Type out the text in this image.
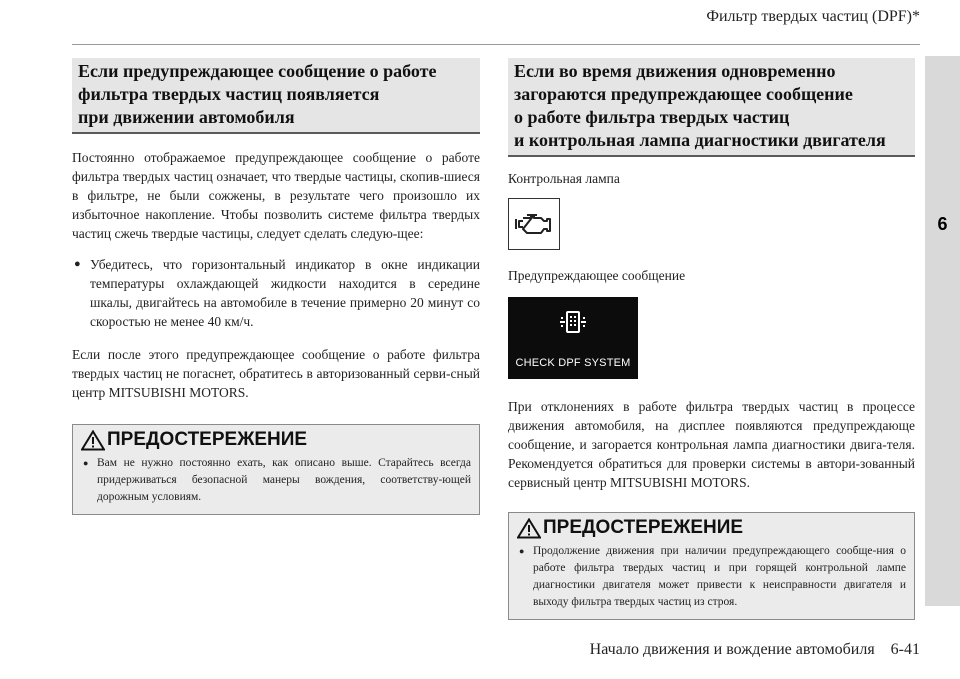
Фильтр твердых частиц (DPF)*
6
Если предупреждающее сообщение о работе
фильтра твердых частиц появляется
при движении автомобиля

Постоянно отображаемое предупреждающее сообщение о работе фильтра твердых частиц означает, что твердые частицы, скопив-шиеся в фильтре, не были сожжены, в результате чего произошло их избыточное накопление. Чтобы позволить системе фильтра твердых частиц сжечь твердые частицы, следует сделать следую-щее:

● Убедитесь, что горизонтальный индикатор в окне индикации температуры охлаждающей жидкости находится в середине шкалы, двигайтесь на автомобиле в течение примерно 20 минут со скоростью не менее 40 км/ч.

Если после этого предупреждающее сообщение о работе фильтра твердых частиц не погаснет, обратитесь в авторизованный серви-сный центр MITSUBISHI MOTORS.

ПРЕДОСТЕРЕЖЕНИЕ
● Вам не нужно постоянно ехать, как описано выше. Старайтесь всегда придерживаться безопасной манеры вождения, соответству-ющей дорожным условиям.
Если во время движения одновременно
загораются предупреждающее сообщение
о работе фильтра твердых частиц
и контрольная лампа диагностики двигателя
Контрольная лампа
Предупреждающее сообщение
CHECK DPF SYSTEM

При отклонениях в работе фильтра твердых частиц в процессе движения автомобиля, на дисплее появляются предупреждающе сообщение, и загорается контрольная лампа диагностики двига-теля. Рекомендуется обратиться для проверки системы в автори-зованный сервисный центр MITSUBISHI MOTORS.

ПРЕДОСТЕРЕЖЕНИЕ
● Продолжение движения при наличии предупреждающего сообще-ния о работе фильтра твердых частиц и при горящей контрольной лампе диагностики двигателя может привести к неисправности двигателя и выходу фильтра твердых частиц из строя.
Начало движения и вождение автомобиля    6-41
